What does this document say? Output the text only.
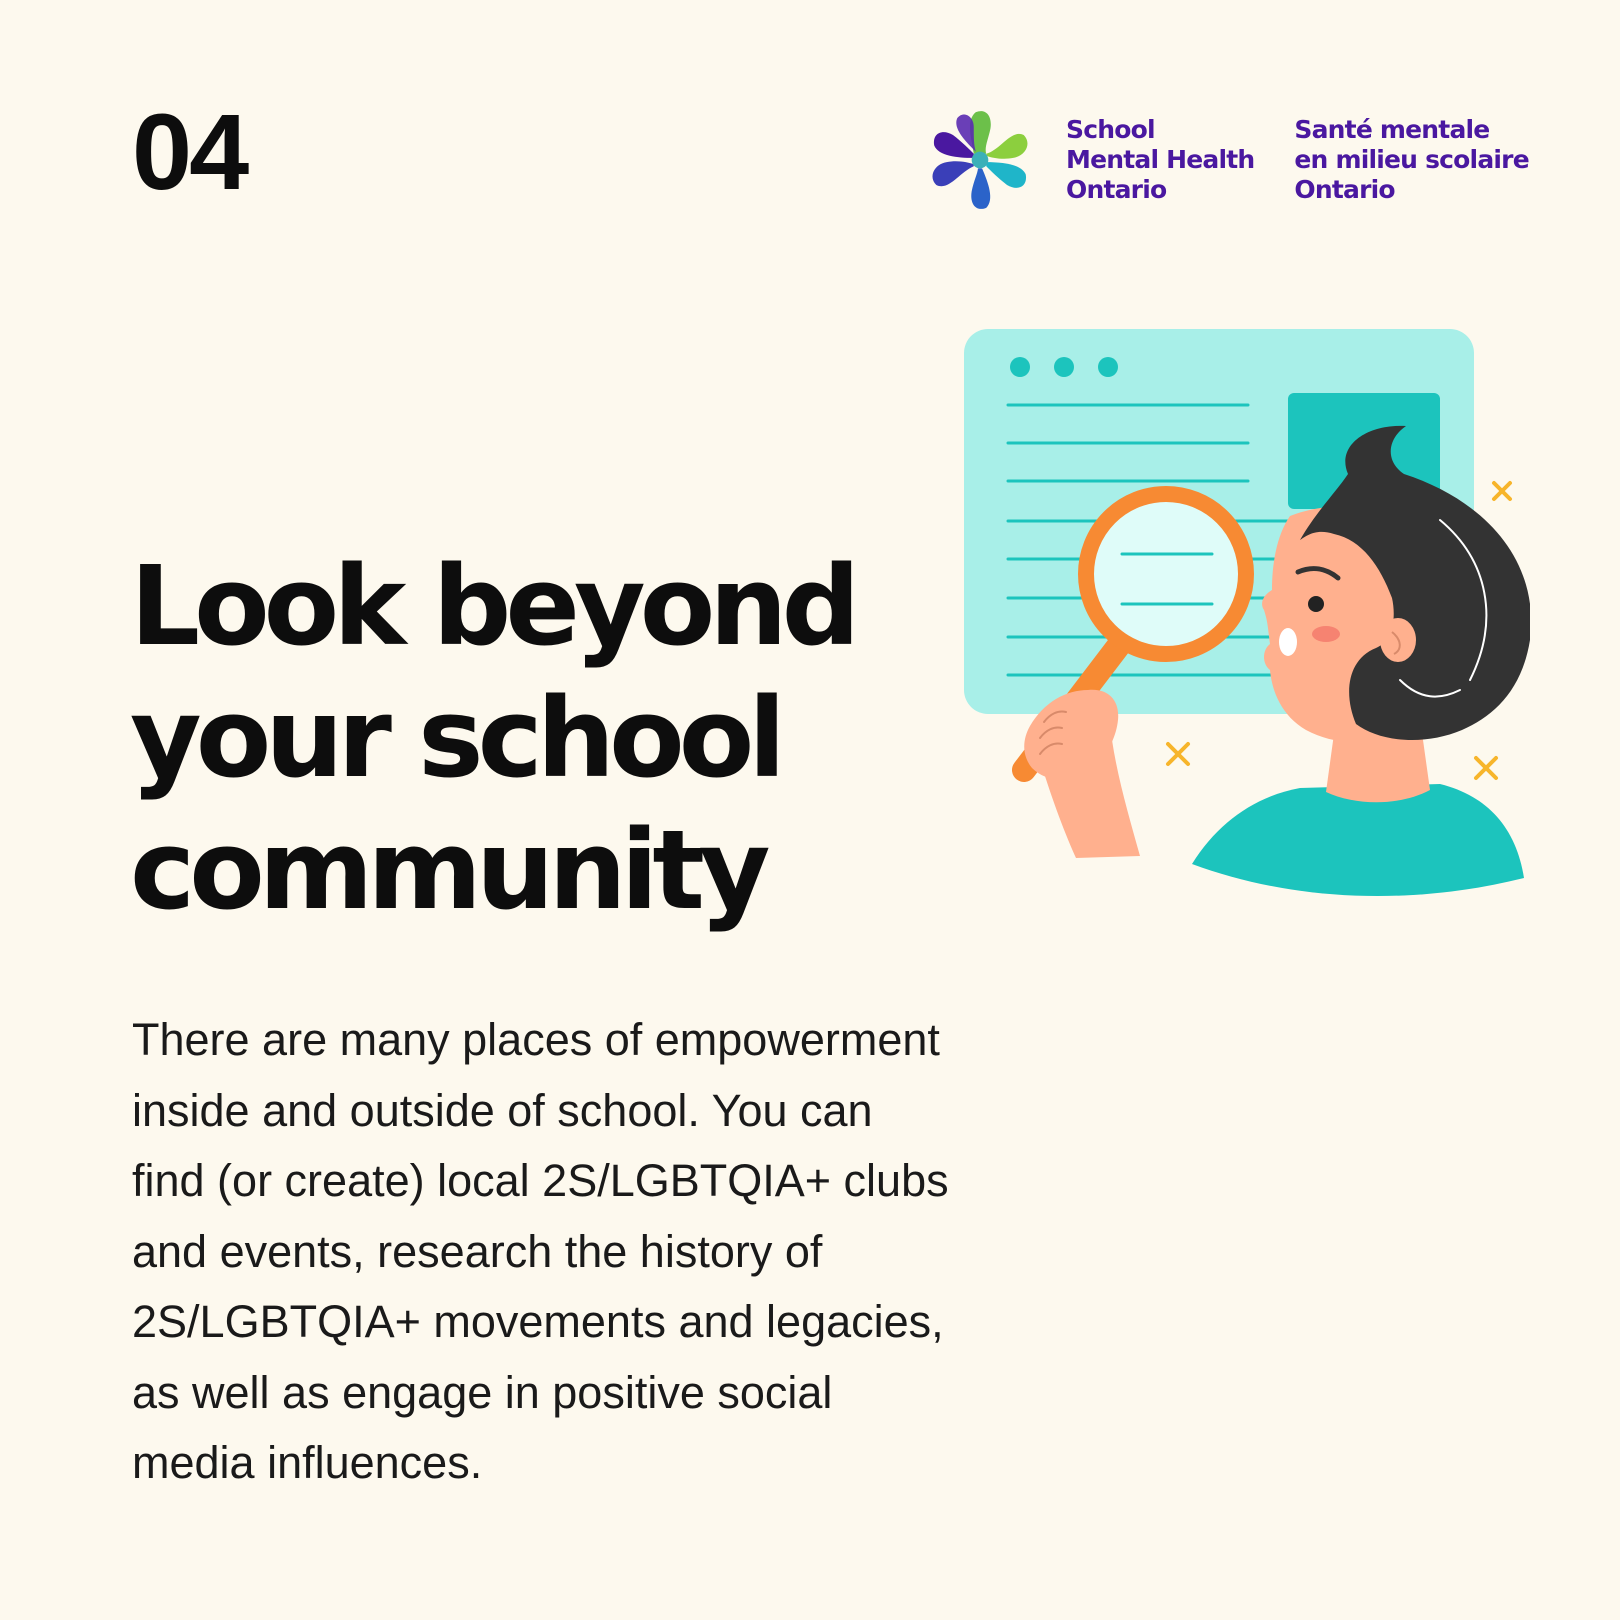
04	School
Mental Health
Ontario
Santé mentale
en milieu scolaire
Ontario
Look beyond
your school
community

There are many places of empowerment
inside and outside of school. You can
find (or create) local 2S/LGBTQIA+ clubs
and events, research the history of
2S/LGBTQIA+ movements and legacies,
as well as engage in positive social
media influences.
